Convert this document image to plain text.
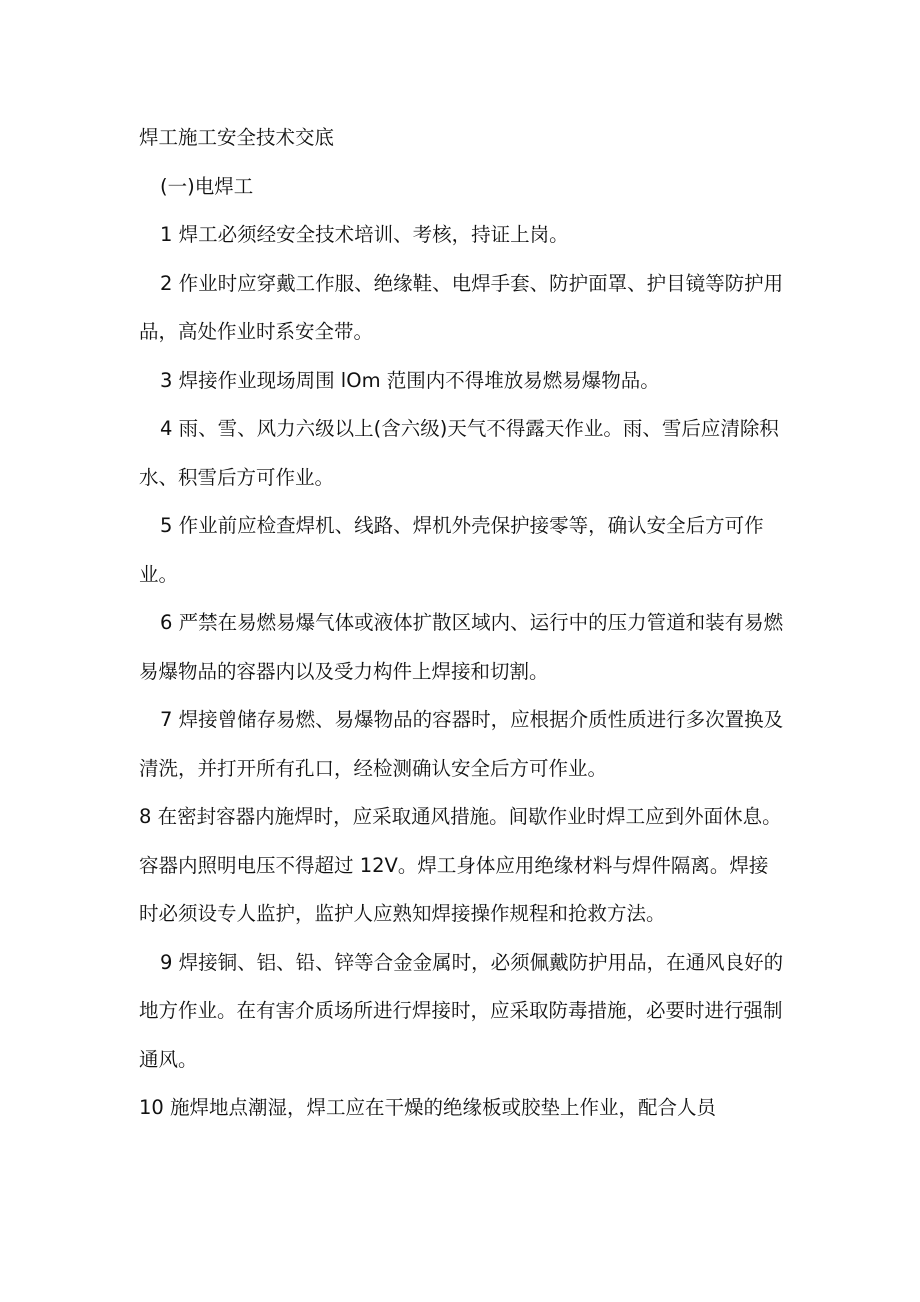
焊工施工安全技术交底

(一)电焊工

1 焊工必须经安全技术培训、考核，持证上岗。

2 作业时应穿戴工作服、绝缘鞋、电焊手套、防护面罩、护目镜等防护用品，高处作业时系安全带。

3 焊接作业现场周围 lOm 范围内不得堆放易燃易爆物品。

4 雨、雪、风力六级以上(含六级)天气不得露天作业。雨、雪后应清除积水、积雪后方可作业。

5 作业前应检查焊机、线路、焊机外壳保护接零等，确认安全后方可作业。

6 严禁在易燃易爆气体或液体扩散区域内、运行中的压力管道和装有易燃易爆物品的容器内以及受力构件上焊接和切割。

7 焊接曾储存易燃、易爆物品的容器时，应根据介质性质进行多次置换及清洗，并打开所有孔口，经检测确认安全后方可作业。

8 在密封容器内施焊时，应采取通风措施。间歇作业时焊工应到外面休息。容器内照明电压不得超过 12V。焊工身体应用绝缘材料与焊件隔离。焊接时必须设专人监护，监护人应熟知焊接操作规程和抢救方法。

9 焊接铜、铝、铅、锌等合金金属时，必须佩戴防护用品，在通风良好的地方作业。在有害介质场所进行焊接时，应采取防毒措施，必要时进行强制通风。

10 施焊地点潮湿，焊工应在干燥的绝缘板或胶垫上作业，配合人员
